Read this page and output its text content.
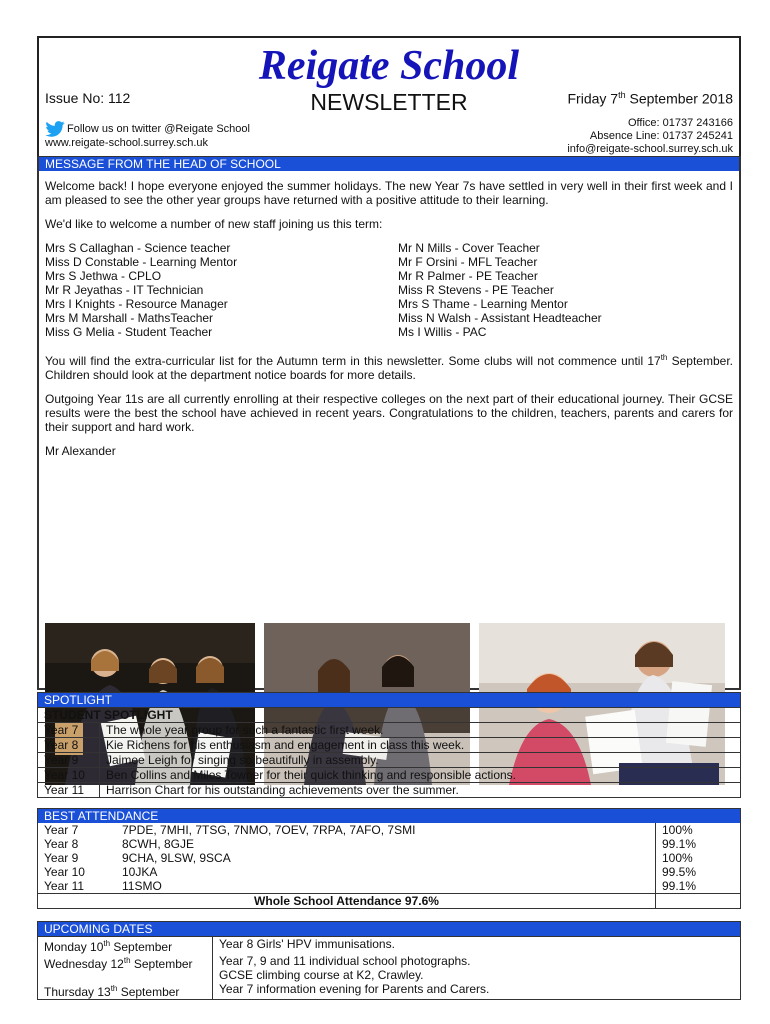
Reigate School
NEWSLETTER
Issue No: 112	Friday 7th September 2018
Follow us on twitter @Reigate School
www.reigate-school.surrey.sch.uk
Office: 01737 243166
Absence Line: 01737 245241
info@reigate-school.surrey.sch.uk
MESSAGE FROM THE HEAD OF SCHOOL

Welcome back! I hope everyone enjoyed the summer holidays. The new Year 7s have settled in very well in their first week and I am pleased to see the other year groups have returned with a positive attitude to their learning.

We'd like to welcome a number of new staff joining us this term:

Mrs S Callaghan - Science teacher
Miss D Constable - Learning Mentor
Mrs S Jethwa - CPLO
Mr R Jeyathas - IT Technician
Mrs I Knights - Resource Manager
Mrs M Marshall - MathsTeacher
Miss G Melia - Student Teacher
Mr N Mills - Cover Teacher
Mr F Orsini - MFL Teacher
Mr R Palmer - PE Teacher
Miss R Stevens - PE Teacher
Mrs S Thame - Learning Mentor
Miss N Walsh - Assistant Headteacher
Ms I Willis - PAC

You will find the extra-curricular list for the Autumn term in this newsletter. Some clubs will not commence until 17th September. Children should look at the department notice boards for more details.

Outgoing Year 11s are all currently enrolling at their respective colleges on the next part of their educational journey. Their GCSE results were the best the school have achieved in recent years. Congratulations to the children, teachers, parents and carers for their support and hard work.

Mr Alexander

SPOTLIGHT
STUDENT SPOTLIGHT	
Year 7	The whole year group for such a fantastic first week.
Year 8	Kie Richens for his enthusiasm and engagement in class this week.
Year 9	Jaimee Leigh for singing so beautifully in assembly.
Year 10	Ben Collins and Miles Towner for their quick thinking and responsible actions.
Year 11	Harrison Chart for his outstanding achievements over the summer.
BEST ATTENDANCE
Year 7	7PDE, 7MHI, 7TSG, 7NMO, 7OEV, 7RPA, 7AFO, 7SMI	100%
Year 8	8CWH, 8GJE	99.1%
Year 9	9CHA, 9LSW, 9SCA	100%
Year 10	10JKA	99.5%
Year 11	11SMO	99.1%
Whole School Attendance 97.6%		
UPCOMING DATES
Monday 10th September	Year 8 Girls' HPV immunisations.
Wednesday 12th September	Year 7, 9 and 11 individual school photographs.
GCSE climbing course at K2, Crawley.

Thursday 13th September	Year 7 information evening for Parents and Carers.
